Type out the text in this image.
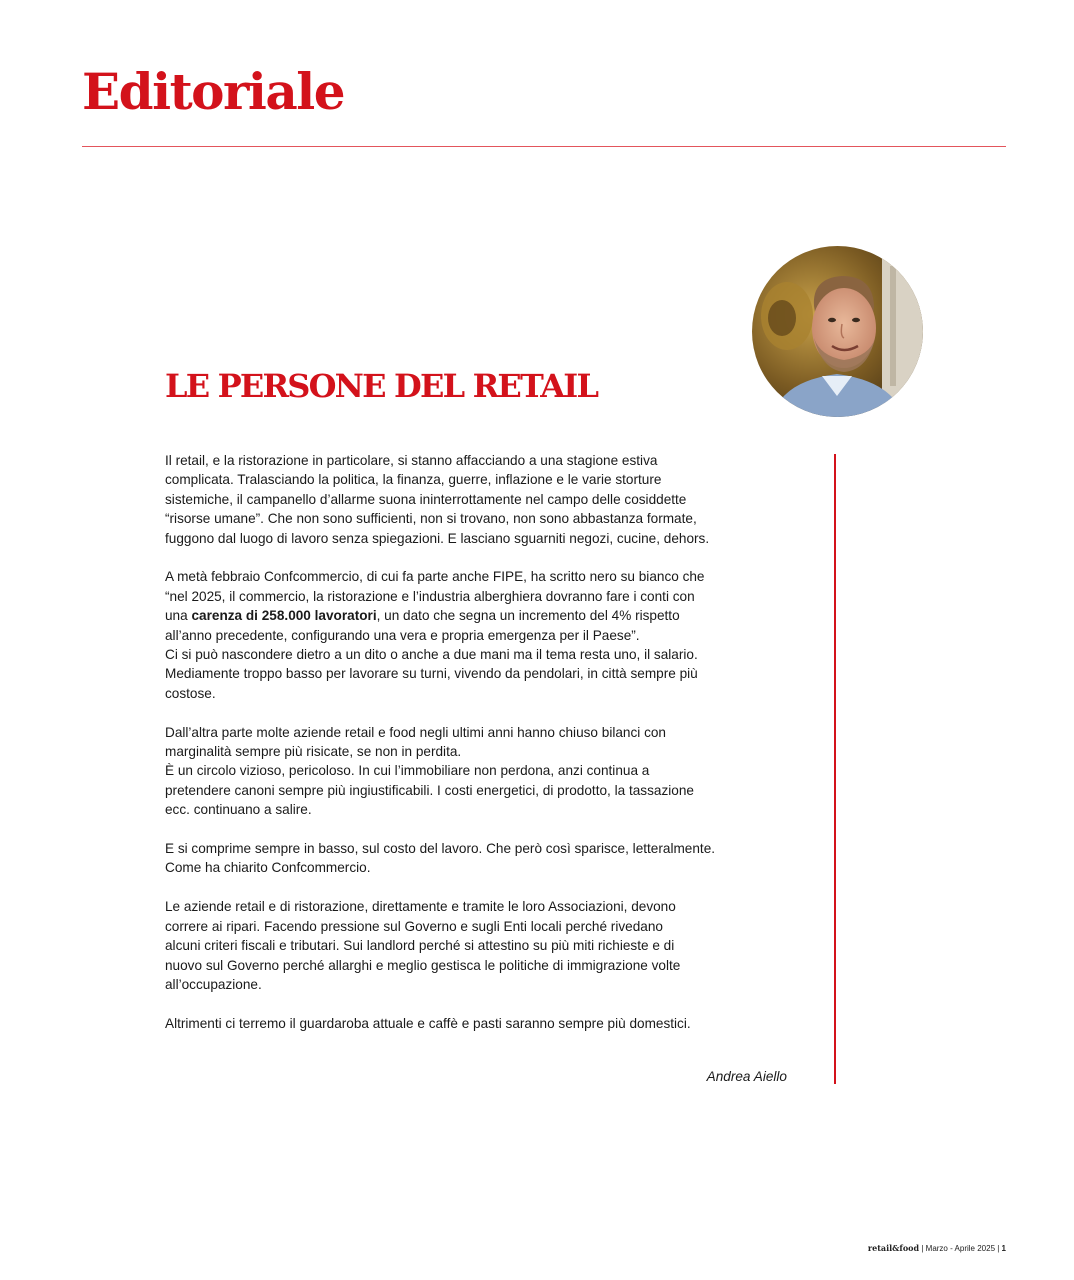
Editoriale
LE PERSONE DEL RETAIL

Il retail, e la ristorazione in particolare, si stanno affacciando a una stagione estiva
complicata. Tralasciando la politica, la finanza, guerre, inflazione e le varie storture
sistemiche, il campanello d’allarme suona ininterrottamente nel campo delle cosiddette
“risorse umane”. Che non sono sufficienti, non si trovano, non sono abbastanza formate,
fuggono dal luogo di lavoro senza spiegazioni. E lasciano sguarniti negozi, cucine, dehors.

A metà febbraio Confcommercio, di cui fa parte anche FIPE, ha scritto nero su bianco che
“nel 2025, il commercio, la ristorazione e l’industria alberghiera dovranno fare i conti con
una carenza di 258.000 lavoratori, un dato che segna un incremento del 4% rispetto
all’anno precedente, configurando una vera e propria emergenza per il Paese”.
Ci si può nascondere dietro a un dito o anche a due mani ma il tema resta uno, il salario.
Mediamente troppo basso per lavorare su turni, vivendo da pendolari, in città sempre più
costose.

Dall’altra parte molte aziende retail e food negli ultimi anni hanno chiuso bilanci con
marginalità sempre più risicate, se non in perdita.
È un circolo vizioso, pericoloso. In cui l’immobiliare non perdona, anzi continua a
pretendere canoni sempre più ingiustificabili. I costi energetici, di prodotto, la tassazione
ecc. continuano a salire.

E si comprime sempre in basso, sul costo del lavoro. Che però così sparisce, letteralmente.
Come ha chiarito Confcommercio.

Le aziende retail e di ristorazione, direttamente e tramite le loro Associazioni, devono
correre ai ripari. Facendo pressione sul Governo e sugli Enti locali perché rivedano
alcuni criteri fiscali e tributari. Sui landlord perché si attestino su più miti richieste e di
nuovo sul Governo perché allarghi e meglio gestisca le politiche di immigrazione volte
all’occupazione.

Altrimenti ci terremo il guardaroba attuale e caffè e pasti saranno sempre più domestici.

Andrea Aiello

retail&food | Marzo - Aprile 2025 | 1
